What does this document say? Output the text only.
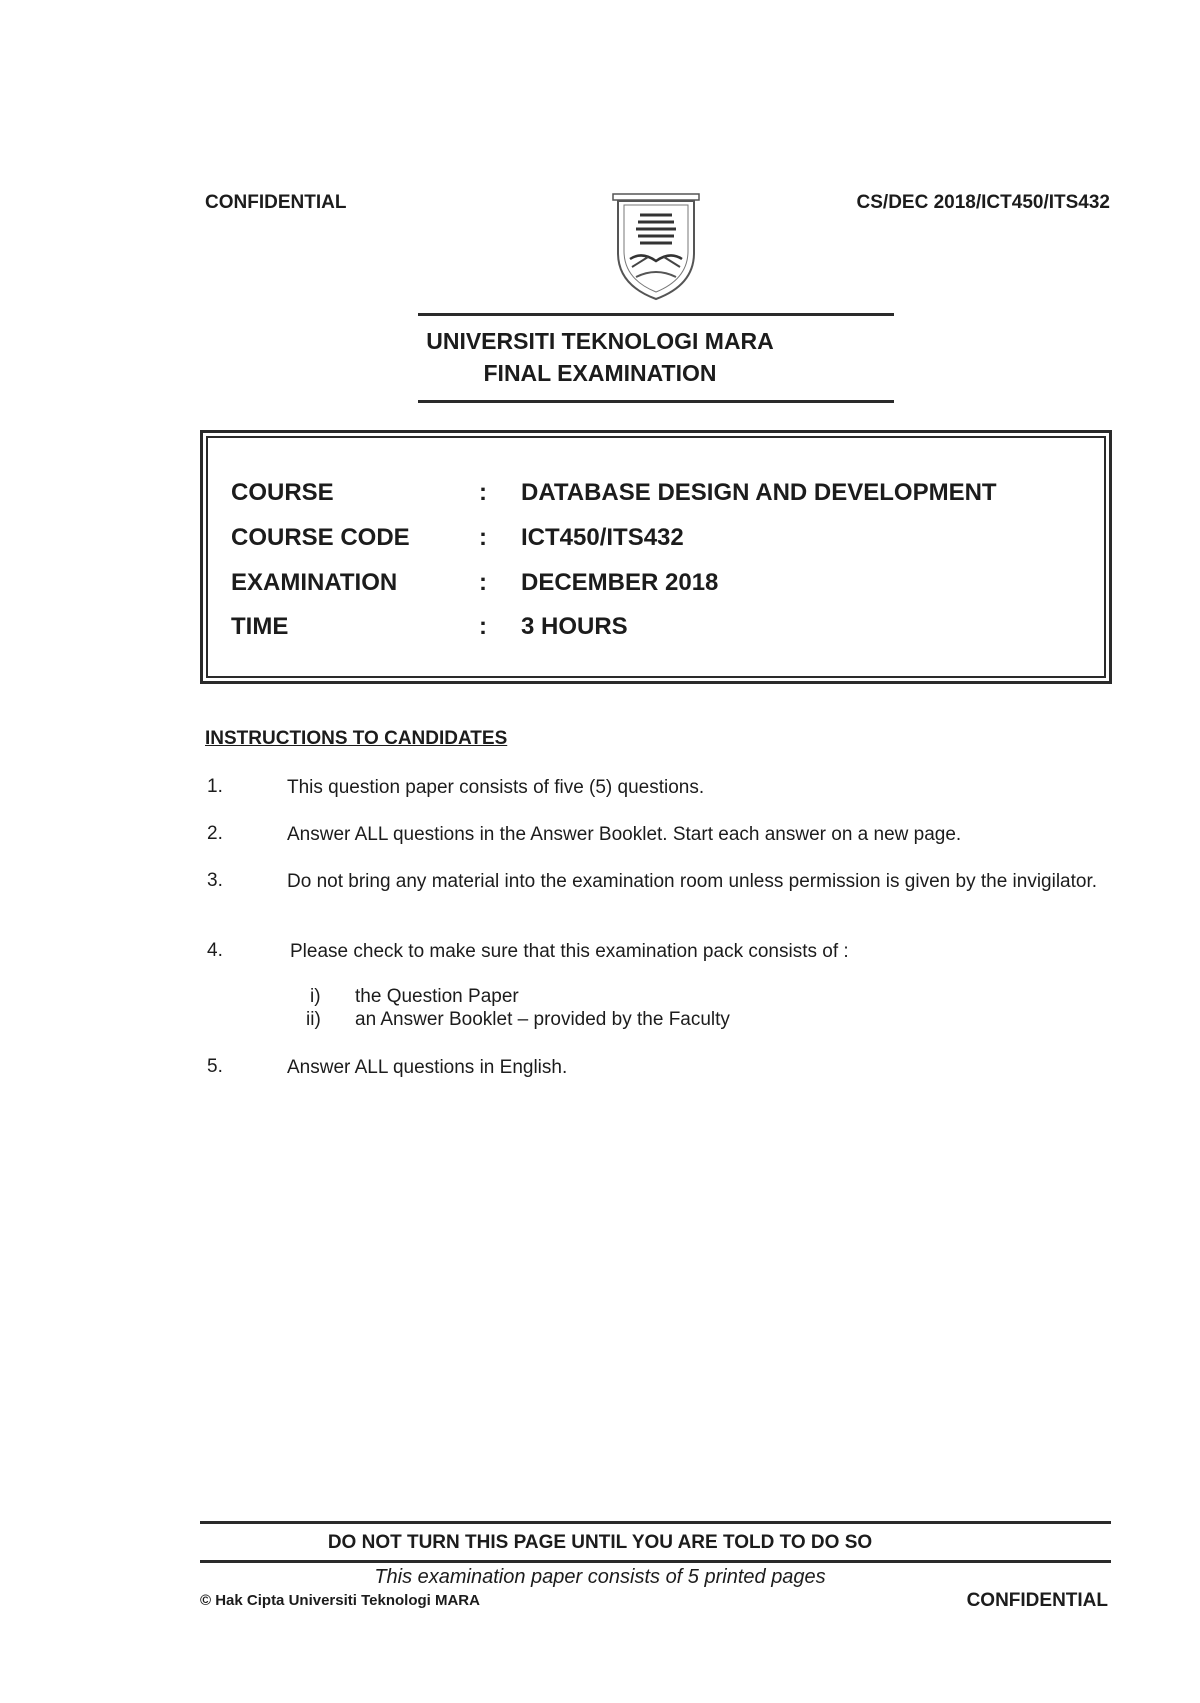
CONFIDENTIAL	CS/DEC 2018/ICT450/ITS432
UNIVERSITI TEKNOLOGI MARA
FINAL EXAMINATION
COURSE	: DATABASE DESIGN AND DEVELOPMENT
COURSE CODE	: ICT450/ITS432
EXAMINATION	: DECEMBER 2018
TIME	: 3 HOURS
INSTRUCTIONS TO CANDIDATES
1.	This question paper consists of five (5) questions.
2.	Answer ALL questions in the Answer Booklet. Start each answer on a new page.
3.	Do not bring any material into the examination room unless permission is given by the invigilator.
4.	Please check to make sure that this examination pack consists of :
i) the Question Paper
ii) an Answer Booklet – provided by the Faculty
5.	Answer ALL questions in English.
DO NOT TURN THIS PAGE UNTIL YOU ARE TOLD TO DO SO
This examination paper consists of 5 printed pages
© Hak Cipta Universiti Teknologi MARA	CONFIDENTIAL
